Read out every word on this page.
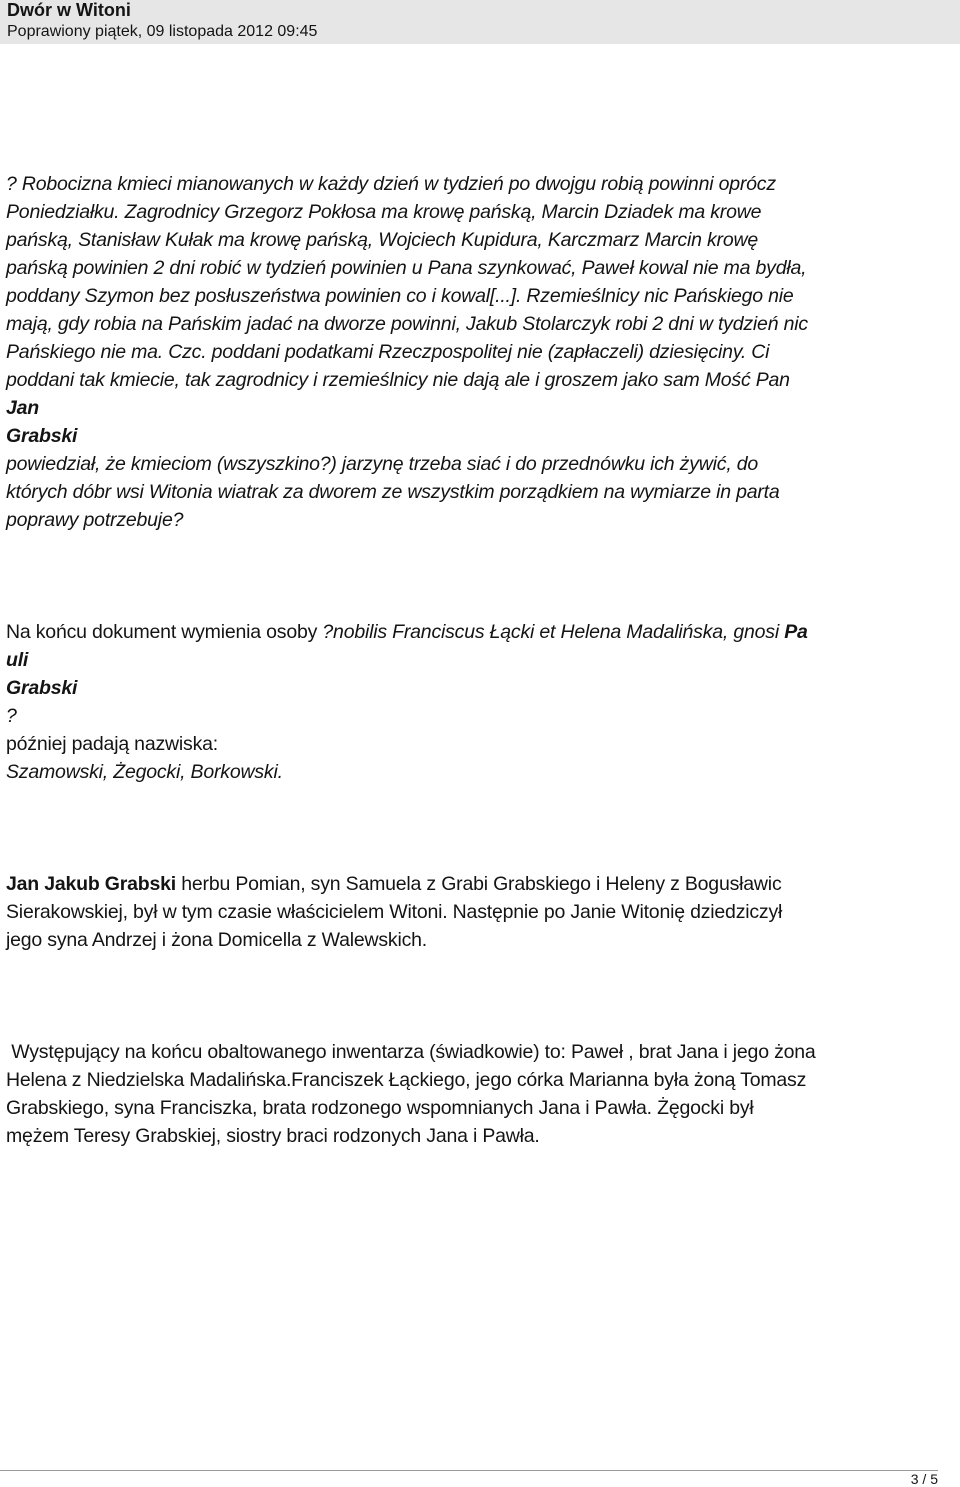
Dwór w Witoni
Poprawiony piątek, 09 listopada 2012 09:45
? Robocizna kmieci mianowanych w każdy dzień w tydzień po dwojgu robią powinni oprócz
Poniedziałku. Zagrodnicy Grzegorz Pokłosa ma krowę pańską, Marcin Dziadek ma krowe
pańską, Stanisław Kułak ma krowę pańską, Wojciech Kupidura, Karczmarz Marcin krowę
pańską powinien 2 dni robić w tydzień powinien u Pana szynkować, Paweł kowal nie ma bydła,
poddany Szymon bez posłuszeństwa powinien co i kowal[...]. Rzemieślnicy nic Pańskiego nie
mają, gdy robia na Pańskim jadać na dworze powinni, Jakub Stolarczyk robi 2 dni w tydzień nic
Pańskiego nie ma. Czc. poddani podatkami Rzeczpospolitej nie (zapłaczeli) dziesięciny. Ci
poddani tak kmiecie, tak zagrodnicy i rzemieślnicy nie dają ale i groszem jako sam Mość Pan
Jan
Grabski
powiedział, że kmieciom (wszyszkino?) jarzynę trzeba siać i do przednówku ich żywić, do
których dóbr wsi Witonia wiatrak za dworem ze wszystkim porządkiem na wymiarze in parta
poprawy potrzebuje?
Na końcu dokument wymienia osoby ?nobilis Franciscus Łącki et Helena Madalińska, gnosi Pa
uli
Grabski
?
później padają nazwiska:
Szamowski, Żegocki, Borkowski.
Jan Jakub Grabski herbu Pomian, syn Samuela z Grabi Grabskiego i Heleny z Bogusławic
Sierakowskiej, był w tym czasie właścicielem Witoni. Następnie po Janie Witonię dziedziczył
jego syna Andrzej i żona Domicella z Walewskich.
Występujący na końcu obaltowanego inwentarza (świadkowie) to: Paweł , brat Jana i jego żona
Helena z Niedzielska Madalińska.Franciszek Łąckiego, jego córka Marianna była żoną Tomasz
Grabskiego, syna Franciszka, brata rodzonego wspomnianych Jana i Pawła. Żęgocki był
mężem Teresy Grabskiej, siostry braci rodzonych Jana i Pawła.
3 / 5
